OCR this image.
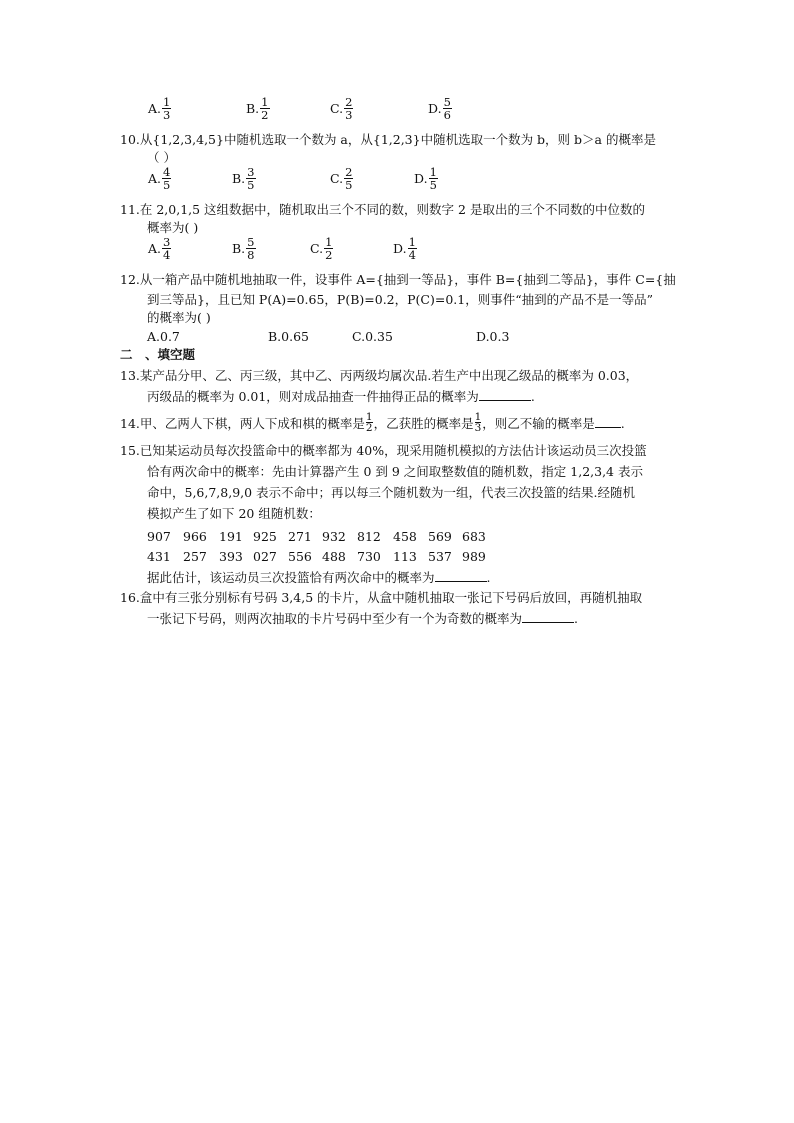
A. $\frac{1}{3}$	B. $\frac{1}{2}$	C. $\frac{2}{3}$	D. $\frac{5}{6}$
10.从{1,2,3,4,5}中随机选取一个数为 a，从{1,2,3}中随机选取一个数为 b，则 b＞a 的概率是
（ ）
A. $\frac{4}{5}$	B. $\frac{3}{5}$	C. $\frac{2}{5}$	D. $\frac{1}{5}$
11.在 2,0,1,5 这组数据中，随机取出三个不同的数，则数字 2 是取出的三个不同数的中位数的
概率为( )
A. $\frac{3}{4}$	B. $\frac{5}{8}$	C. $\frac{1}{2}$	D. $\frac{1}{4}$
12.从一箱产品中随机地抽取一件，设事件 A={抽到一等品}，事件 B={抽到二等品}，事件 C={抽
到三等品}，且已知 P(A)=0.65，P(B)=0.2，P(C)=0.1，则事件“抽到的产品不是一等品”
的概率为( )
A.0.7	B.0.65	C.0.35	D.0.3
二　、填空题
13.某产品分甲、乙、丙三级，其中乙、丙两级均属次品.若生产中出现乙级品的概率为 0.03，
丙级品的概率为 0.01，则对成品抽查一件抽得正品的概率为	.
14.甲、乙两人下棋，两人下成和棋的概率是 $\frac{1}{2}$ ，乙获胜的概率是 $\frac{1}{3}$ ，则乙不输的概率是 .
15.已知某运动员每次投篮命中的概率都为 40%，现采用随机模拟的方法估计该运动员三次投篮
恰有两次命中的概率：先由计算器产生 0 到 9 之间取整数值的随机数，指定 1,2,3,4 表示
命中，5,6,7,8,9,0 表示不命中；再以每三个随机数为一组，代表三次投篮的结果.经随机
模拟产生了如下 20 组随机数：
907 966 191 925 271 932 812 458 569 683
431 257 393 027 556 488 730 113 537 989
据此估计，该运动员三次投篮恰有两次命中的概率为	.
16.盒中有三张分别标有号码 3,4,5 的卡片，从盒中随机抽取一张记下号码后放回，再随机抽取
一张记下号码，则两次抽取的卡片号码中至少有一个为奇数的概率为	.
